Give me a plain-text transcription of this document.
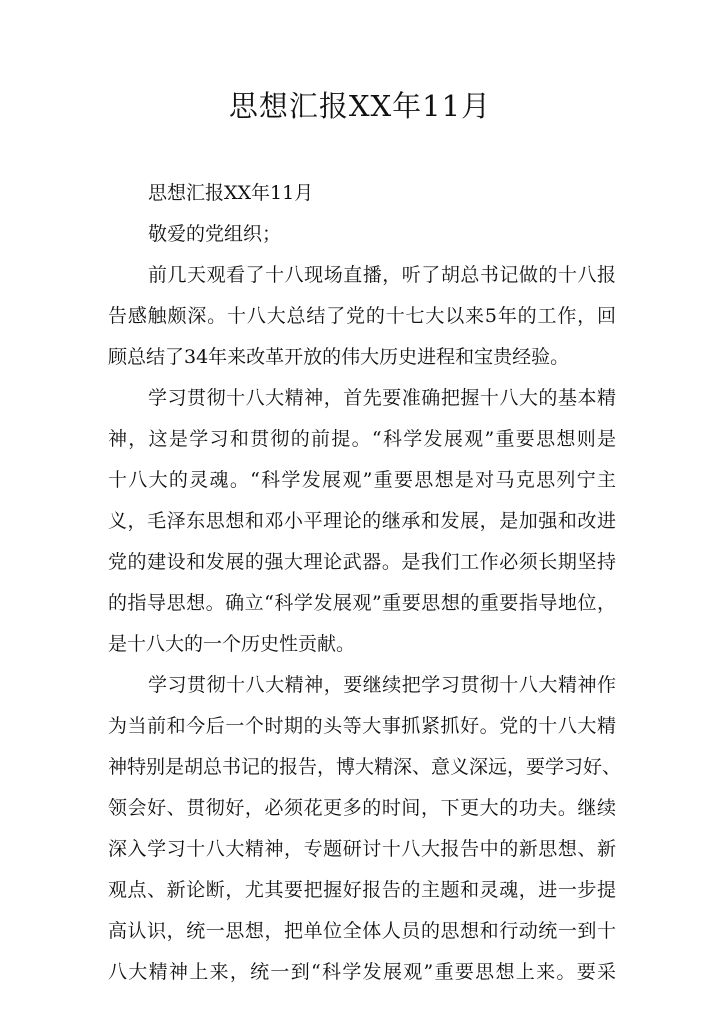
思想汇报XX年11月
思想汇报XX年11月
敬爱的党组织；
前几天观看了十八现场直播，听了胡总书记做的十八报
告感触颇深。十八大总结了党的十七大以来5年的工作，回
顾总结了34年来改革开放的伟大历史进程和宝贵经验。
学习贯彻十八大精神，首先要准确把握十八大的基本精
神，这是学习和贯彻的前提。“科学发展观”重要思想则是
十八大的灵魂。“科学发展观”重要思想是对马克思列宁主
义，毛泽东思想和邓小平理论的继承和发展，是加强和改进
党的建设和发展的强大理论武器。是我们工作必须长期坚持
的指导思想。确立“科学发展观”重要思想的重要指导地位，
是十八大的一个历史性贡献。
学习贯彻十八大精神，要继续把学习贯彻十八大精神作
为当前和今后一个时期的头等大事抓紧抓好。党的十八大精
神特别是胡总书记的报告，博大精深、意义深远，要学习好、
领会好、贯彻好，必须花更多的时间，下更大的功夫。继续
深入学习十八大精神，专题研讨十八大报告中的新思想、新
观点、新论断，尤其要把握好报告的主题和灵魂，进一步提
高认识，统一思想，把单位全体人员的思想和行动统一到十
八大精神上来，统一到“科学发展观”重要思想上来。要采
